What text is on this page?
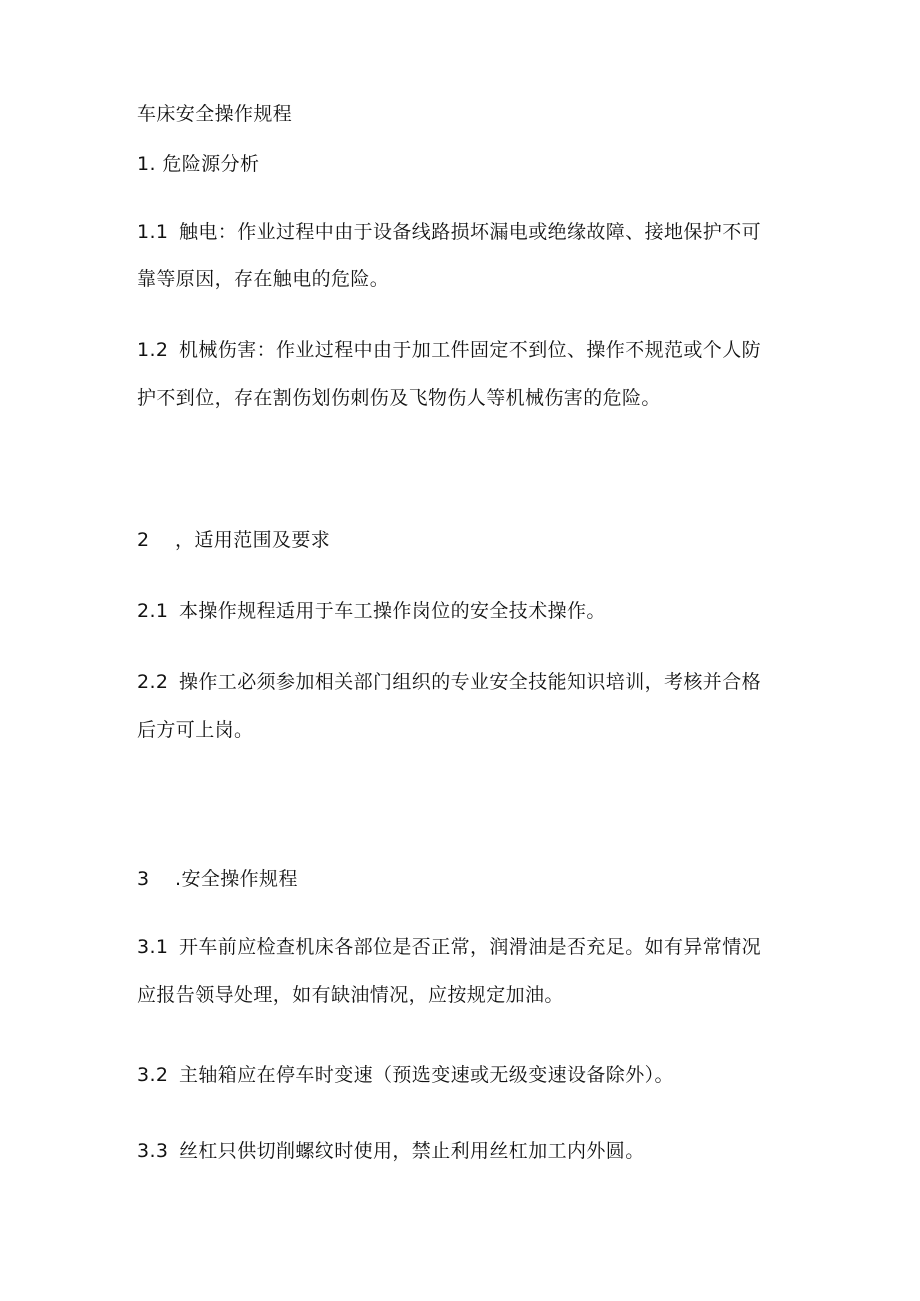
车床安全操作规程
1. 危险源分析
1.1 触电：作业过程中由于设备线路损坏漏电或绝缘故障、接地保护不可
靠等原因，存在触电的危险。
1.2 机械伤害：作业过程中由于加工件固定不到位、操作不规范或个人防
护不到位，存在割伤划伤刺伤及飞物伤人等机械伤害的危险。
2 ，适用范围及要求
2.1 本操作规程适用于车工操作岗位的安全技术操作。
2.2 操作工必须参加相关部门组织的专业安全技能知识培训，考核并合格
后方可上岗。
3 .安全操作规程
3.1 开车前应检查机床各部位是否正常，润滑油是否充足。如有异常情况
应报告领导处理，如有缺油情况，应按规定加油。
3.2 主轴箱应在停车时变速（预选变速或无级变速设备除外）。
3.3 丝杠只供切削螺纹时使用，禁止利用丝杠加工内外圆。
